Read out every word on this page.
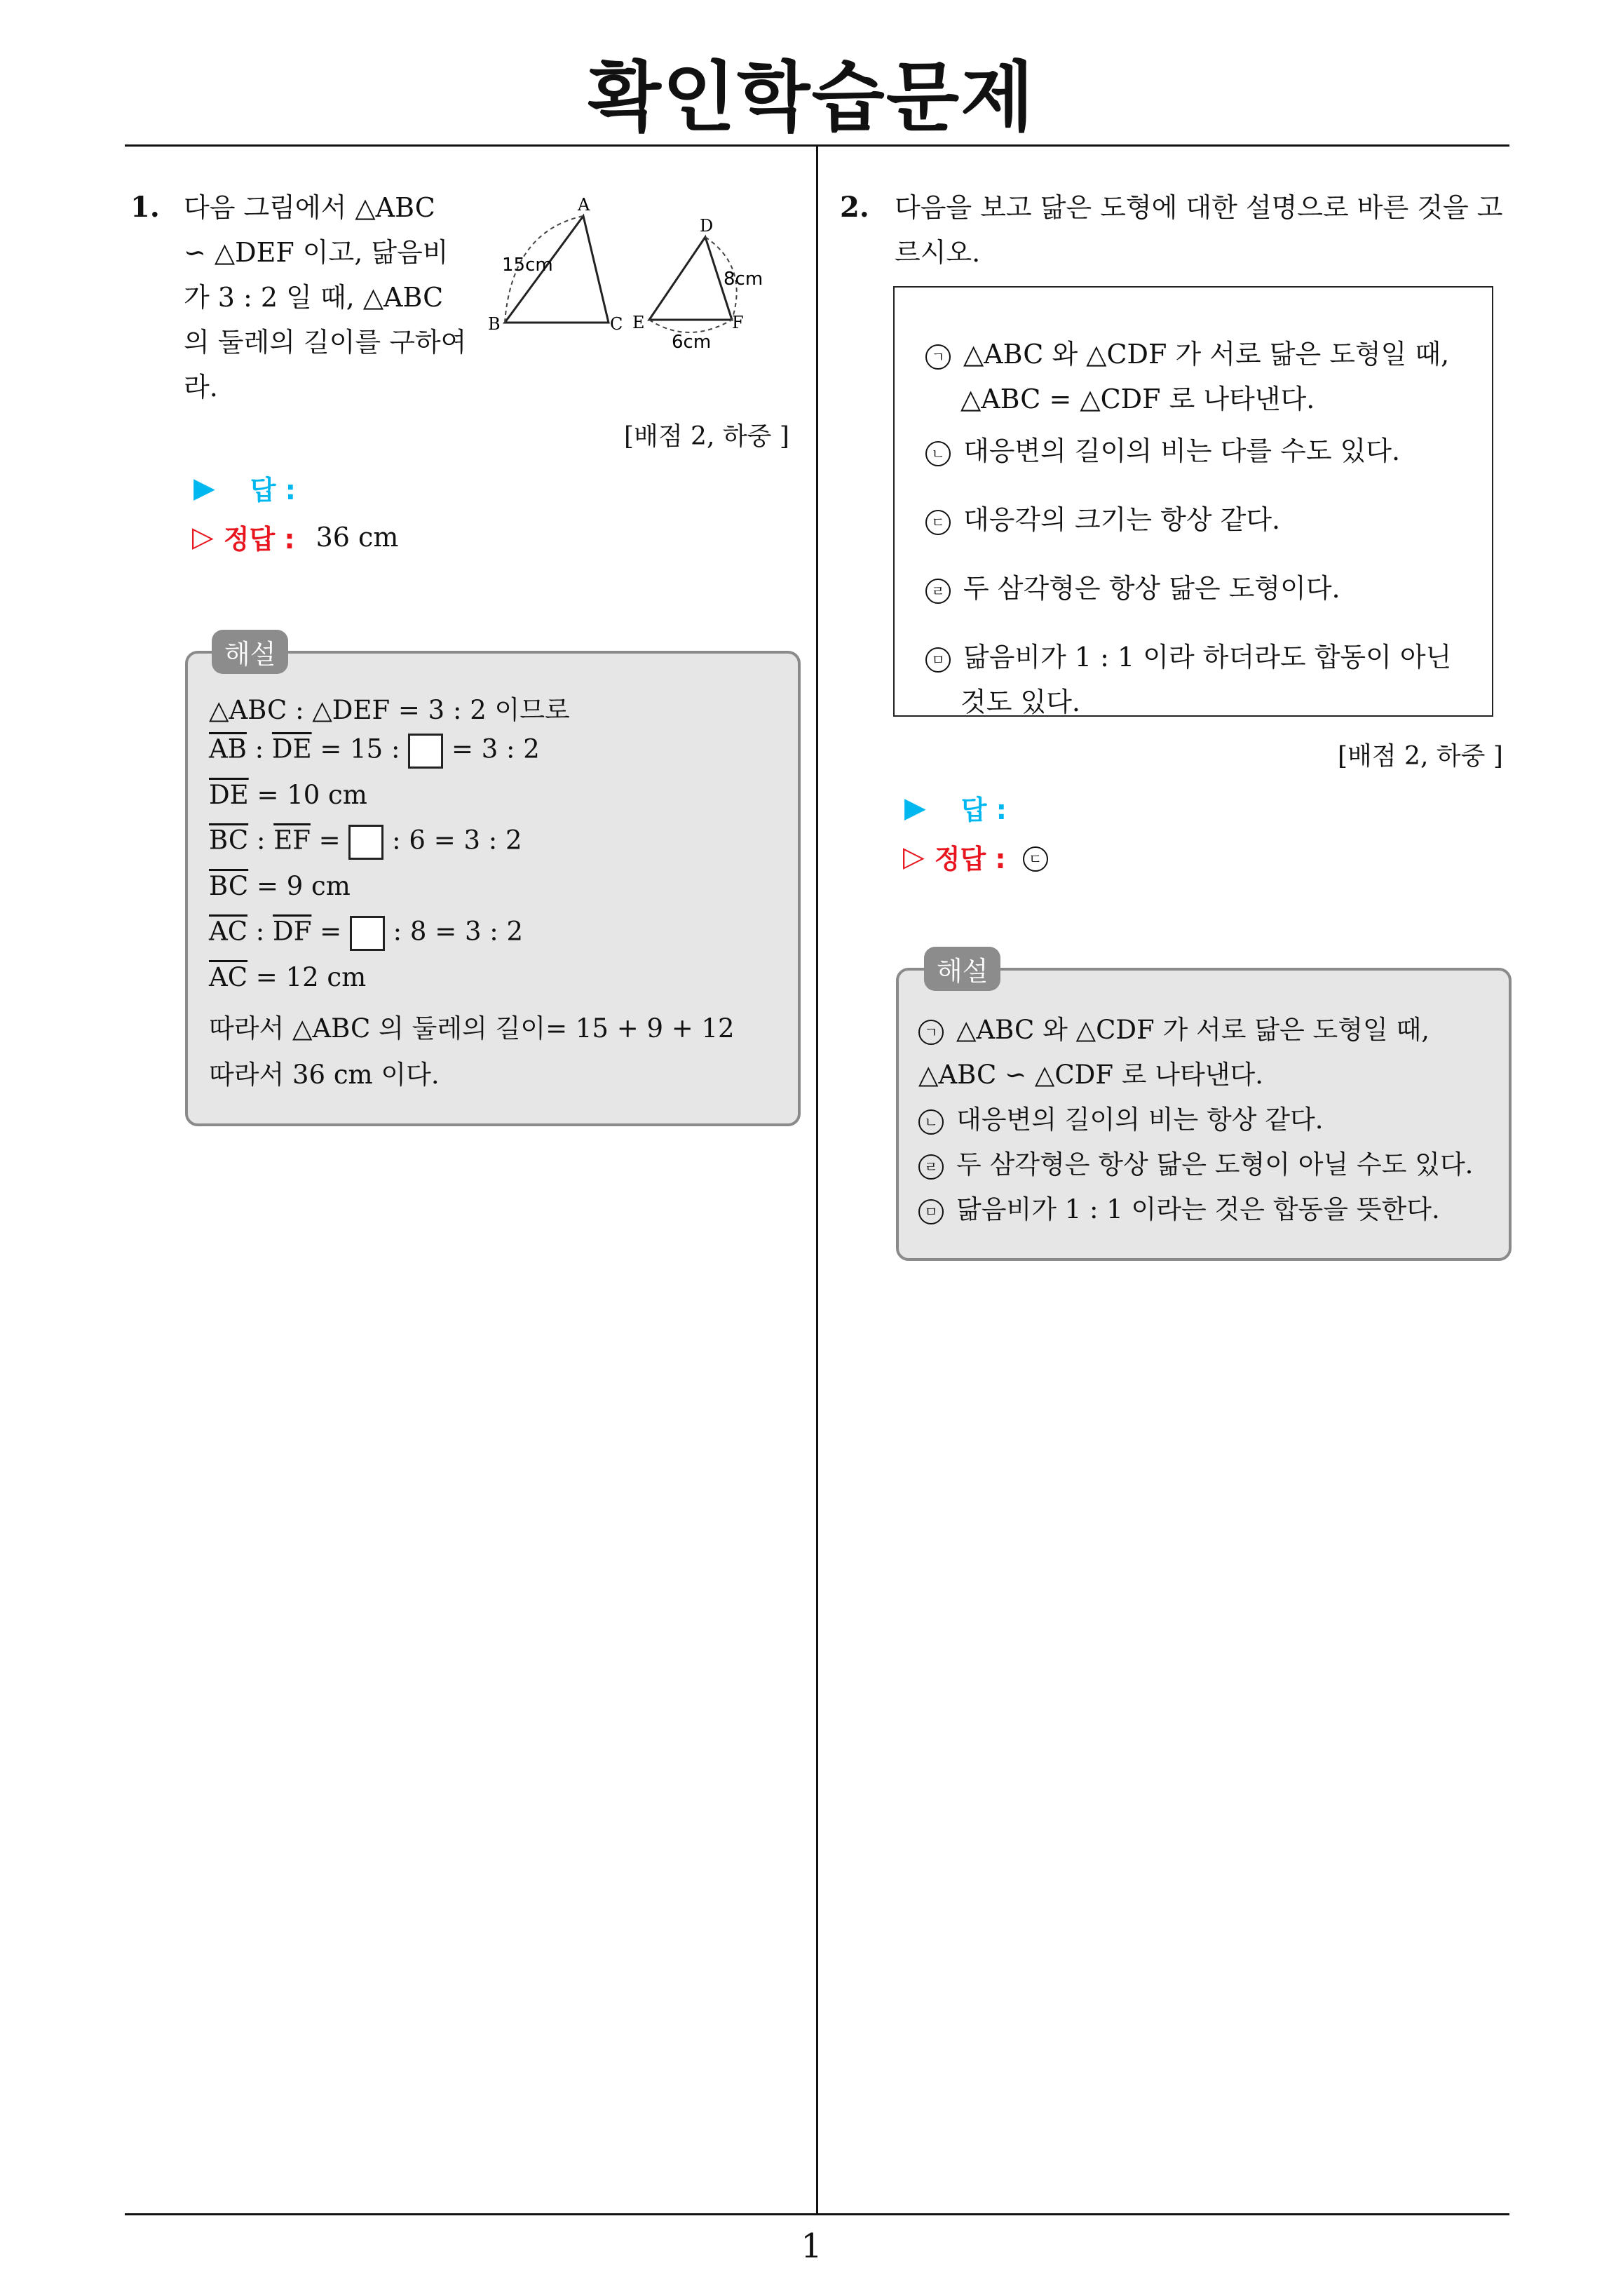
확인학습문제
1. 다음 그림에서 △ABC
∽ △DEF 이고, 닮음비
가 3 : 2 일 때, △ABC
의 둘레의 길이를 구하여
라.
A
B	C
15cm
D
E	F
8cm
6cm
[배점 2, 하중 ]
▶ 답 :
▷ 정답 : 36 cm
해설
△ABC : △DEF = 3 : 2 이므로
$\overline{AB}$ : $\overline{DE} = 15$ :  = 3 : 2
$\overline{DE} = 10$ cm
$\overline{BC}$ : $\overline{EF}$ =  : 6 = 3 : 2
$\overline{BC} = 9$ cm
$\overline{AC}$ : $\overline{DF}$ =  : 8 = 3 : 2
$\overline{AC} = 12$ cm
따라서 △ABC 의 둘레의 길이= 15 + 9 + 12
따라서 36 cm 이다.
2. 다음을 보고 닮은 도형에 대한 설명으로 바른 것을 고
르시오.
ㄱ △ABC 와 △CDF 가 서로 닮은 도형일 때,
△ABC = △CDF 로 나타낸다.
ㄴ 대응변의 길이의 비는 다를 수도 있다.
ㄷ 대응각의 크기는 항상 같다.
ㄹ 두 삼각형은 항상 닮은 도형이다.
ㅁ 닮음비가 1 : 1 이라 하더라도 합동이 아닌
것도 있다.
[배점 2, 하중 ]
▶ 답 :
▷ 정답 :	ㄷ
해설
ㄱ △ABC 와 △CDF 가 서로 닮은 도형일 때,
△ABC ∽ △CDF 로 나타낸다.
ㄴ 대응변의 길이의 비는 항상 같다.
ㄹ 두 삼각형은 항상 닮은 도형이 아닐 수도 있다.
ㅁ 닮음비가 1 : 1 이라는 것은 합동을 뜻한다.
1
